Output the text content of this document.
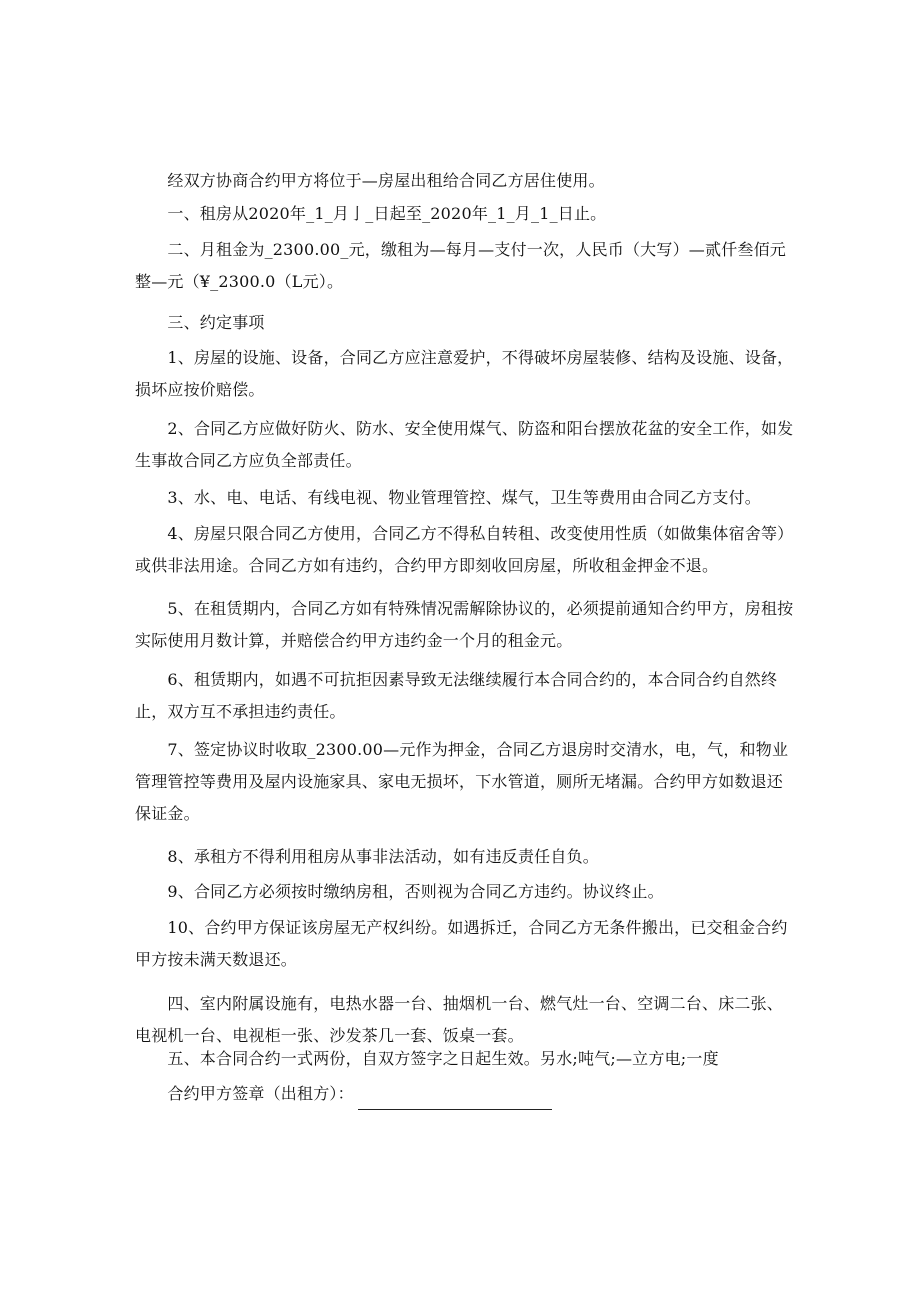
　　经双方协商合约甲方将位于—房屋出租给合同乙方居住使用。

　　一、租房从2020年_1_月亅_日起至_2020年_1_月_1_日止。

　　二、月租金为_2300.00_元，缴租为—每月—支付一次，人民币（大写）—贰仟叁佰元整—元（¥_2300.0（L元）。

　　三、约定事项

　　1、房屋的设施、设备，合同乙方应注意爱护，不得破坏房屋装修、结构及设施、设备，损坏应按价赔偿。

　　2、合同乙方应做好防火、防水、安全使用煤气、防盗和阳台摆放花盆的安全工作，如发生事故合同乙方应负全部责任。

　　3、水、电、电话、有线电视、物业管理管控、煤气，卫生等费用由合同乙方支付。

　　4、房屋只限合同乙方使用，合同乙方不得私自转租、改变使用性质（如做集体宿舍等）或供非法用途。合同乙方如有违约，合约甲方即刻收回房屋，所收租金押金不退。

　　5、在租赁期内，合同乙方如有特殊情况需解除协议的，必须提前通知合约甲方，房租按实际使用月数计算，并赔偿合约甲方违约金一个月的租金元。

　　6、租赁期内，如遇不可抗拒因素导致无法继续履行本合同合约的，本合同合约自然终止，双方互不承担违约责任。

　　7、签定协议时收取_2300.00—元作为押金，合同乙方退房时交清水，电，气，和物业管理管控等费用及屋内设施家具、家电无损坏，下水管道，厕所无堵漏。合约甲方如数退还保证金。

　　8、承租方不得利用租房从事非法活动，如有违反责任自负。

　　9、合同乙方必须按时缴纳房租，否则视为合同乙方违约。协议终止。

　　10、合约甲方保证该房屋无产权纠纷。如遇拆迁，合同乙方无条件搬出，已交租金合约甲方按未满天数退还。

　　四、室内附属设施有，电热水器一台、抽烟机一台、燃气灶一台、空调二台、床二张、电视机一台、电视柜一张、沙发茶几一套、饭桌一套。

　　五、本合同合约一式两份，自双方签字之日起生效。另水;吨气;—立方电;一度

　　合约甲方签章（出租方）：
